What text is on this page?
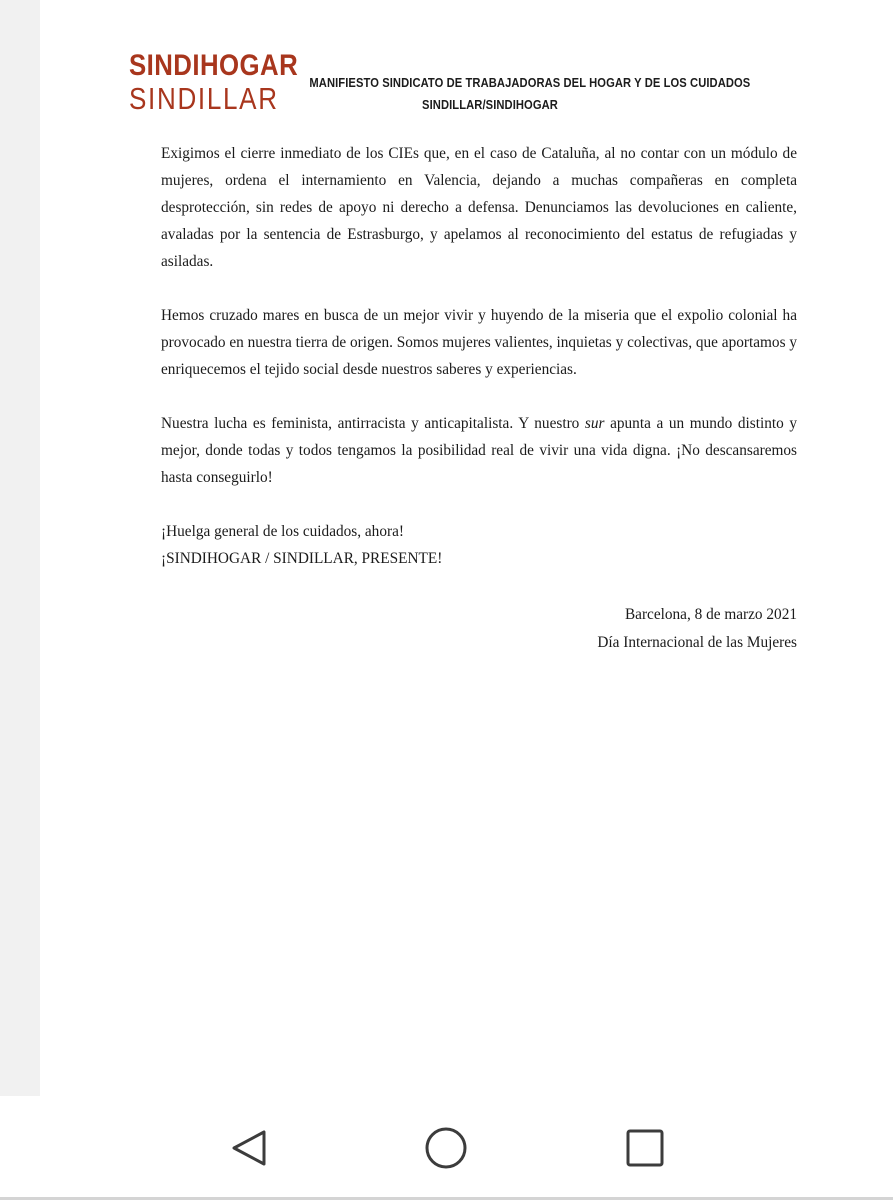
SINDIHOGAR
SINDILLAR MANIFIESTO SINDICATO DE TRABAJADORAS DEL HOGAR Y DE LOS CUIDADOS
SINDILLAR/SINDIHOGAR

Exigimos el cierre inmediato de los CIEs que, en el caso de Cataluña, al no contar con un módulo de mujeres, ordena el internamiento en Valencia, dejando a muchas compañeras en completa desprotección, sin redes de apoyo ni derecho a defensa. Denunciamos las devoluciones en caliente, avaladas por la sentencia de Estrasburgo, y apelamos al reconocimiento del estatus de refugiadas y asiladas.

Hemos cruzado mares en busca de un mejor vivir y huyendo de la miseria que el expolio colonial ha provocado en nuestra tierra de origen. Somos mujeres valientes, inquietas y colectivas, que aportamos y enriquecemos el tejido social desde nuestros saberes y experiencias.

Nuestra lucha es feminista, antirracista y anticapitalista. Y nuestro sur apunta a un mundo distinto y mejor, donde todas y todos tengamos la posibilidad real de vivir una vida digna. ¡No descansaremos hasta conseguirlo!

¡Huelga general de los cuidados, ahora!
¡SINDIHOGAR / SINDILLAR, PRESENTE!

Barcelona, 8 de marzo 2021
Día Internacional de las Mujeres
